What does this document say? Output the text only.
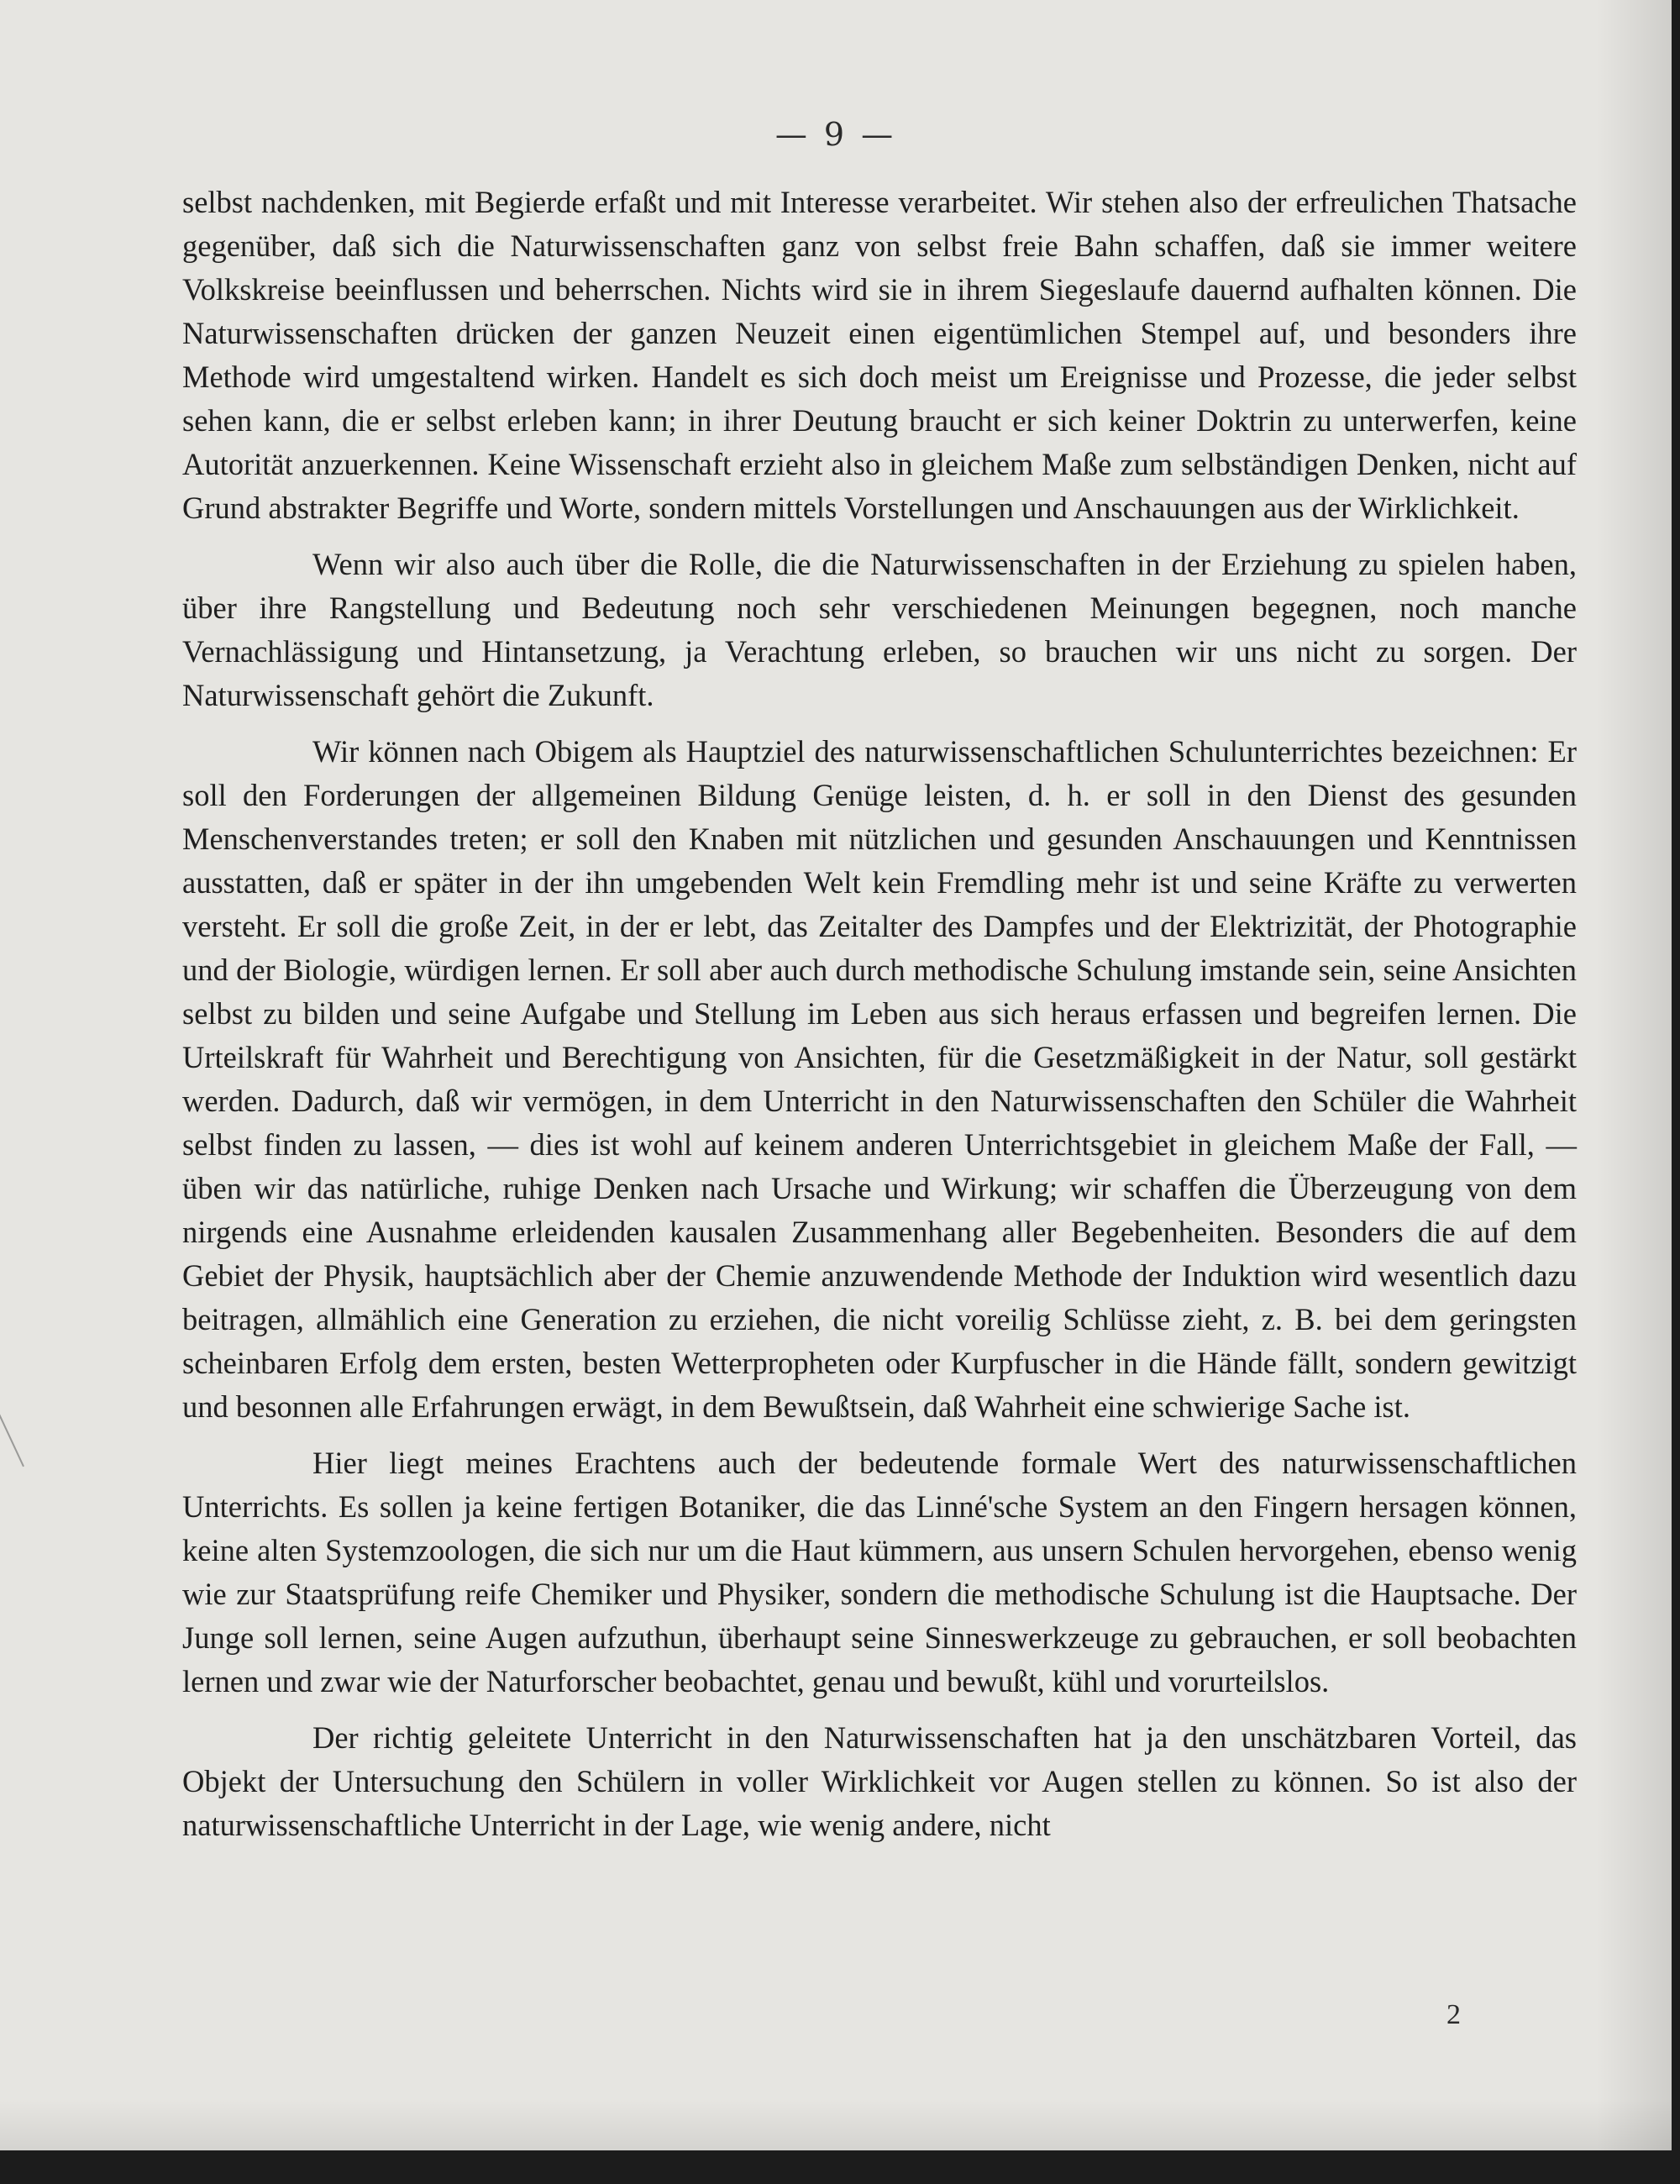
— 9 —

selbst nachdenken, mit Begierde erfaßt und mit Interesse verarbeitet. Wir stehen also der erfreulichen Thatsache gegenüber, daß sich die Naturwissenschaften ganz von selbst freie Bahn schaffen, daß sie immer weitere Volkskreise beeinflussen und beherrschen. Nichts wird sie in ihrem Siegeslaufe dauernd aufhalten können. Die Naturwissenschaften drücken der ganzen Neuzeit einen eigentümlichen Stempel auf, und besonders ihre Methode wird umgestaltend wirken. Handelt es sich doch meist um Ereignisse und Prozesse, die jeder selbst sehen kann, die er selbst erleben kann; in ihrer Deutung braucht er sich keiner Doktrin zu unterwerfen, keine Autorität anzuerkennen. Keine Wissenschaft erzieht also in gleichem Maße zum selbständigen Denken, nicht auf Grund abstrakter Begriffe und Worte, sondern mittels Vorstellungen und Anschauungen aus der Wirklichkeit.

Wenn wir also auch über die Rolle, die die Naturwissenschaften in der Erziehung zu spielen haben, über ihre Rangstellung und Bedeutung noch sehr verschiedenen Meinungen begegnen, noch manche Vernachlässigung und Hintansetzung, ja Verachtung erleben, so brauchen wir uns nicht zu sorgen. Der Naturwissenschaft gehört die Zukunft.

Wir können nach Obigem als Hauptziel des naturwissenschaftlichen Schulunterrichtes bezeichnen: Er soll den Forderungen der allgemeinen Bildung Genüge leisten, d. h. er soll in den Dienst des gesunden Menschenverstandes treten; er soll den Knaben mit nützlichen und gesunden Anschauungen und Kenntnissen ausstatten, daß er später in der ihn umgebenden Welt kein Fremdling mehr ist und seine Kräfte zu verwerten versteht. Er soll die große Zeit, in der er lebt, das Zeitalter des Dampfes und der Elektrizität, der Photographie und der Biologie, würdigen lernen. Er soll aber auch durch methodische Schulung imstande sein, seine Ansichten selbst zu bilden und seine Aufgabe und Stellung im Leben aus sich heraus erfassen und begreifen lernen. Die Urteilskraft für Wahrheit und Berechtigung von Ansichten, für die Gesetzmäßigkeit in der Natur, soll gestärkt werden. Dadurch, daß wir vermögen, in dem Unterricht in den Naturwissenschaften den Schüler die Wahrheit selbst finden zu lassen, — dies ist wohl auf keinem anderen Unterrichtsgebiet in gleichem Maße der Fall, — üben wir das natürliche, ruhige Denken nach Ursache und Wirkung; wir schaffen die Überzeugung von dem nirgends eine Ausnahme erleidenden kausalen Zusammenhang aller Begebenheiten. Besonders die auf dem Gebiet der Physik, hauptsächlich aber der Chemie anzuwendende Methode der Induktion wird wesentlich dazu beitragen, allmählich eine Generation zu erziehen, die nicht voreilig Schlüsse zieht, z. B. bei dem geringsten scheinbaren Erfolg dem ersten, besten Wetterpropheten oder Kurpfuscher in die Hände fällt, sondern gewitzigt und besonnen alle Erfahrungen erwägt, in dem Bewußtsein, daß Wahrheit eine schwierige Sache ist.

Hier liegt meines Erachtens auch der bedeutende formale Wert des naturwissenschaftlichen Unterrichts. Es sollen ja keine fertigen Botaniker, die das Linné'sche System an den Fingern hersagen können, keine alten Systemzoologen, die sich nur um die Haut kümmern, aus unsern Schulen hervorgehen, ebenso wenig wie zur Staatsprüfung reife Chemiker und Physiker, sondern die methodische Schulung ist die Hauptsache. Der Junge soll lernen, seine Augen aufzuthun, überhaupt seine Sinneswerkzeuge zu gebrauchen, er soll beobachten lernen und zwar wie der Naturforscher beobachtet, genau und bewußt, kühl und vorurteilslos.

Der richtig geleitete Unterricht in den Naturwissenschaften hat ja den unschätzbaren Vorteil, das Objekt der Untersuchung den Schülern in voller Wirklichkeit vor Augen stellen zu können. So ist also der naturwissenschaftliche Unterricht in der Lage, wie wenig andere, nicht

2
